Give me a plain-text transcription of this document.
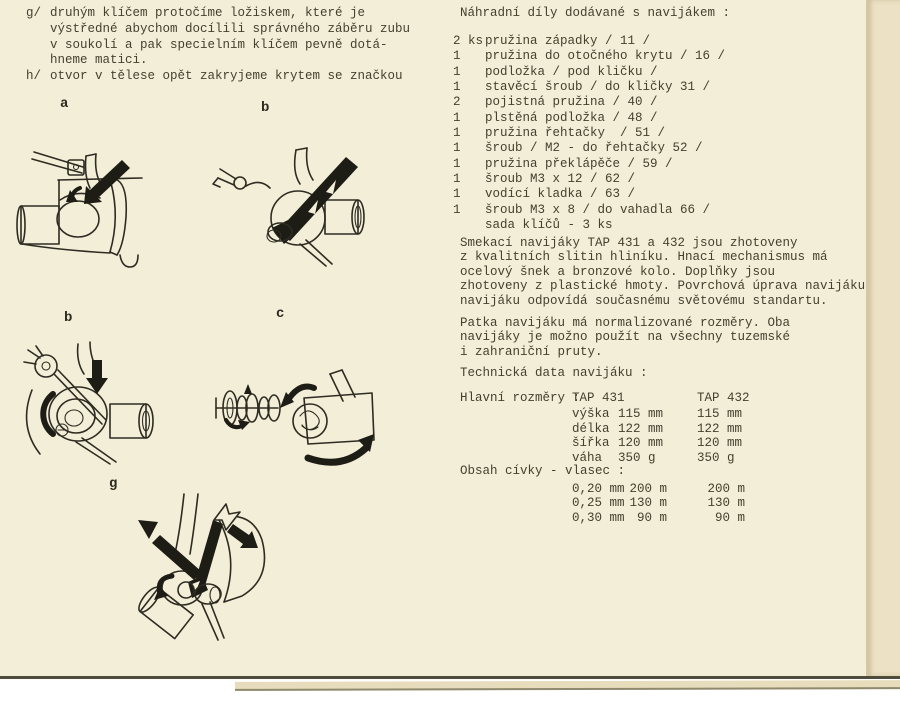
g/ druhým klíčem protočíme ložiskem, které je
výstředné abychom docílili správného záběru zubu
v soukolí a pak specielním klíčem pevně dotá-
hneme matici.
h/ otvor v tělese opět zakryjeme krytem se značkou
a	b
b	c
g
Náhradní díly dodávané s navijákem :
2 ks pružina západky / 11 /
1	pružina do otočného krytu / 16 /
1	podložka / pod kličku /
1	stavěcí šroub / do kličky 31 /
2	pojistná pružina / 40 /
1	plstěná podložka / 48 /
1	pružina řehtačky  / 51 /
1	šroub / M2 - do řehtačky 52 /
1	pružina překlápěče / 59 /
1	šroub M3 x 12 / 62 /
1	vodící kladka / 63 /
1	šroub M3 x 8 / do vahadla 66 /
sada klíčů - 3 ks
Smekací navijáky TAP 431 a 432 jsou zhotoveny
z kvalitních slitin hliníku. Hnací mechanismus má
ocelový šnek a bronzové kolo. Doplňky jsou
zhotoveny z plastické hmoty. Povrchová úprava navijáku
navijáku odpovídá současnému světovému standartu.
Patka navijáku má normalizované rozměry. Oba
navijáky je možno použít na všechny tuzemské
i zahraniční pruty.
Technická data navijáku :
Hlavní rozměry :TAP 431	TAP 432
výška 115 mm	115 mm
délka 122 mm	122 mm
šířka 120 mm	120 mm
váha 350 g	350 g
Obsah cívky - vlasec :
0,20 mm 200 m	200 m
0,25 mm 130 m	130 m
0,30 mm 90 m	90 m
